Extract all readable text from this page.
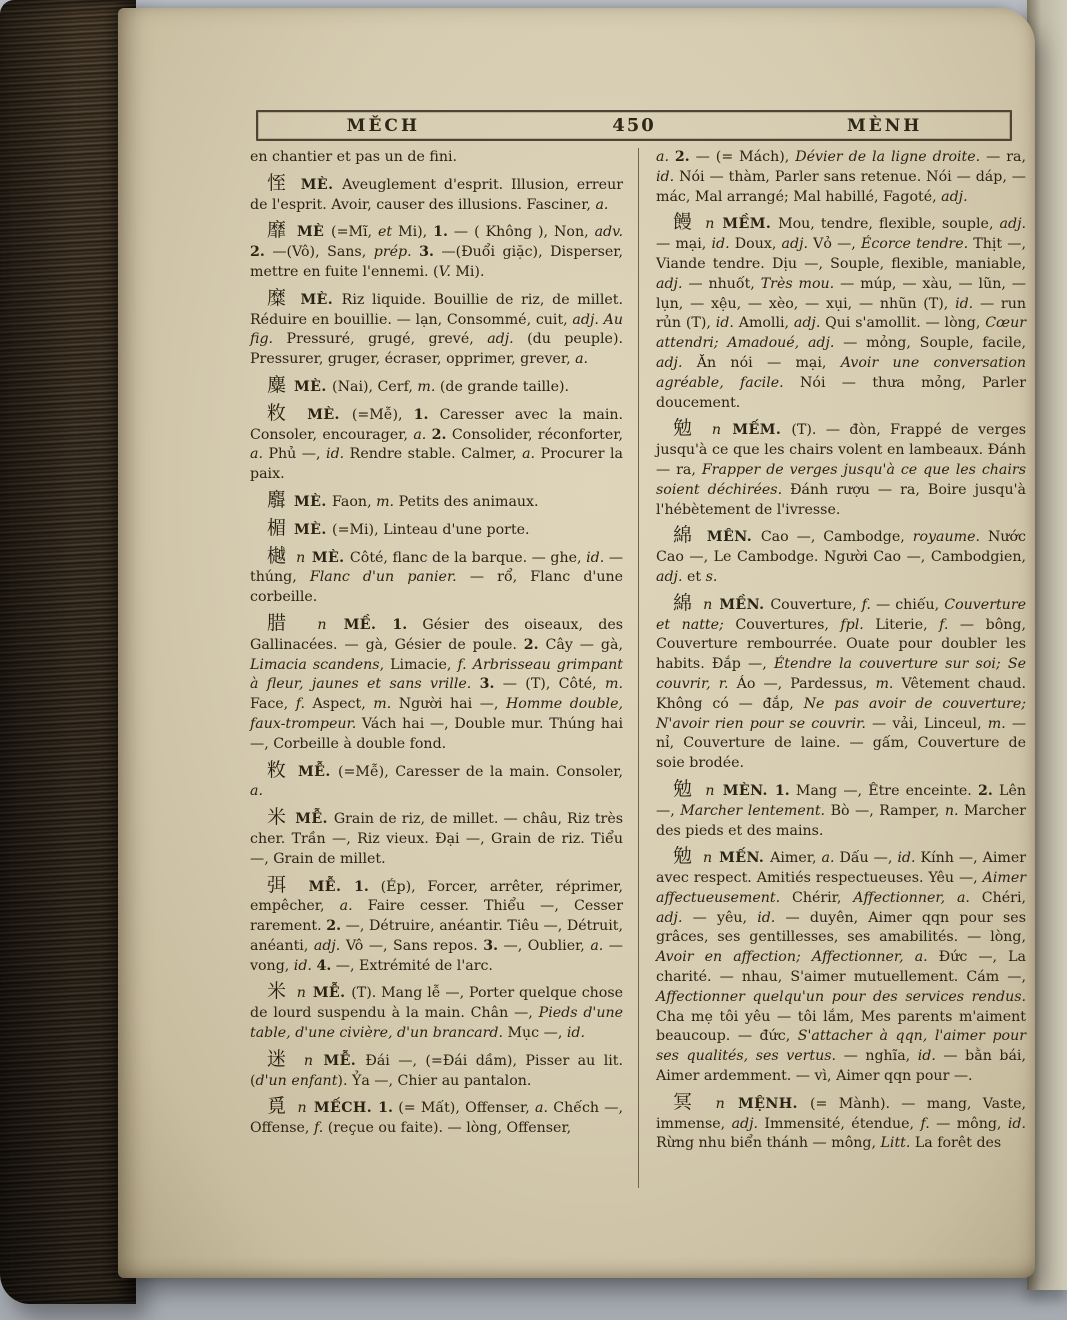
MĚCH	450	MÈNH

en chantier et pas un de fini.

恎 MÈ. Aveuglement d'esprit. Illusion, erreur de l'esprit. Avoir, causer des illusions. Fasciner, a.

靡 MÈ (=Mĩ, et Mi), 1. — ( Không ), Non, adv. 2. —(Vô), Sans, prép. 3. —(Đuổi giặc), Disperser, mettre en fuite l'ennemi. (V. Mi).

糜 MÈ. Riz liquide. Bouillie de riz, de millet. Réduire en bouillie. — lạn, Consommé, cuit, adj. Au fig. Pressuré, grugé, grevé, adj. (du peuple). Pressurer, gruger, écraser, opprimer, grever, a.

麋 MÈ. (Nai), Cerf, m. (de grande taille).

敉 MÈ. (=Mễ), 1. Caresser avec la main. Consoler, encourager, a. 2. Consolider, réconforter, a. Phủ —, id. Rendre stable. Calmer, a. Procurer la paix.

麛 MÈ. Faon, m. Petits des animaux.

楣 MÈ. (=Mi), Linteau d'une porte.

樾 n MÈ. Côté, flanc de la barque. — ghe, id. — thúng, Flanc d'un panier. — rổ, Flanc d'une corbeille.

腊 n MỀ. 1. Gésier des oiseaux, des Gallinacées. — gà, Gésier de poule. 2. Cây — gà, Limacia scandens, Limacie, f. Arbrisseau grimpant à fleur, jaunes et sans vrille. 3. — (T), Côté, m. Face, f. Aspect, m. Người hai —, Homme double, faux-trompeur. Vách hai —, Double mur. Thúng hai —, Corbeille à double fond.

敉 MỄ. (=Mễ), Caresser de la main. Consoler, a.

米 MỄ. Grain de riz, de millet. — châu, Riz très cher. Trần —, Riz vieux. Đại —, Grain de riz. Tiểu —, Grain de millet.

弭 MỄ. 1. (Ép), Forcer, arrêter, réprimer, empêcher, a. Faire cesser. Thiểu —, Cesser rarement. 2. —, Détruire, anéantir. Tiêu —, Détruit, anéanti, adj. Vô —, Sans repos. 3. —, Oublier, a. — vong, id. 4. —, Extrémité de l'arc.

米 n MỄ. (T). Mang lễ —, Porter quelque chose de lourd suspendu à la main. Chân —, Pieds d'une table, d'une civière, d'un brancard. Mục —, id.

迷 n MỄ. Đái —, (=Đái dầm), Pisser au lit. (d'un enfant). Ỷa —, Chier au pantalon.

覓 n MẾCH. 1. (= Mất), Offenser, a. Chếch —, Offense, f. (reçue ou faite). — lòng, Offenser,

a. 2. — (= Mách), Dévier de la ligne droite. — ra, id. Nói — thàm, Parler sans retenue. Nói — dáp, — mác, Mal arrangé; Mal habillé, Fagoté, adj.

饅 n MỀM. Mou, tendre, flexible, souple, adj. — mại, id. Doux, adj. Vỏ —, Écorce tendre. Thịt —, Viande tendre. Dịu —, Souple, flexible, maniable, adj. — nhuốt, Très mou. — múp, — xàu, — lũn, — lụn, — xệu, — xèo, — xụi, — nhũn (T), id. — run rủn (T), id. Amolli, adj. Qui s'amollit. — lòng, Cœur attendri; Amadoué, adj. — mỏng, Souple, facile, adj. Ăn nói — mại, Avoir une conversation agréable, facile. Nói — thưa mỏng, Parler doucement.

勉 n MẾM. (T). — đòn, Frappé de verges jusqu'à ce que les chairs volent en lambeaux. Đánh — ra, Frapper de verges jusqu'à ce que les chairs soient déchirées. Đánh rượu — ra, Boire jusqu'à l'hébètement de l'ivresse.

綿 MÊN. Cao —, Cambodge, royaume. Nước Cao —, Le Cambodge. Người Cao —, Cambodgien, adj. et s.

綿 n MỀN. Couverture, f. — chiếu, Couverture et natte; Couvertures, fpl. Literie, f. — bông, Couverture rembourrée. Ouate pour doubler les habits. Đắp —, Étendre la couverture sur soi; Se couvrir, r. Áo —, Pardessus, m. Vêtement chaud. Không có — đắp, Ne pas avoir de couverture; N'avoir rien pour se couvrir. — vải, Linceul, m. — nỉ, Couverture de laine. — gấm, Couverture de soie brodée.

勉 n MÈN. 1. Mang —, Être enceinte. 2. Lên —, Marcher lentement. Bò —, Ramper, n. Marcher des pieds et des mains.

勉 n MẾN. Aimer, a. Dấu —, id. Kính —, Aimer avec respect. Amitiés respectueuses. Yêu —, Aimer affectueusement. Chérir, Affectionner, a. Chéri, adj. — yêu, id. — duyên, Aimer qqn pour ses grâces, ses gentillesses, ses amabilités. — lòng, Avoir en affection; Affectionner, a. Đức —, La charité. — nhau, S'aimer mutuellement. Cám —, Affectionner quelqu'un pour des services rendus. Cha mẹ tôi yêu — tôi lắm, Mes parents m'aiment beaucoup. — đức, S'attacher à qqn, l'aimer pour ses qualités, ses vertus. — nghĩa, id. — bằn bái, Aimer ardemment. — vì, Aimer qqn pour —.

冥 n MỆNH. (= Mành). — mang, Vaste, immense, adj. Immensité, étendue, f. — mông, id. Rừng nhu biển thánh — mông, Litt. La forêt des
